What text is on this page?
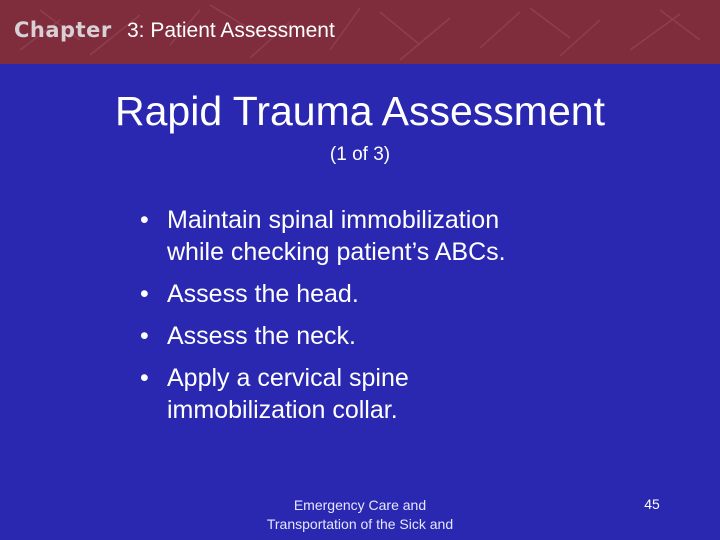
Chapter 3: Patient Assessment
Rapid Trauma Assessment
(1 of 3)
• Maintain spinal immobilization
while checking patient’s ABCs.
• Assess the head.
• Assess the neck.
• Apply a cervical spine
immobilization collar.
Emergency Care and
Transportation of the Sick and
45
